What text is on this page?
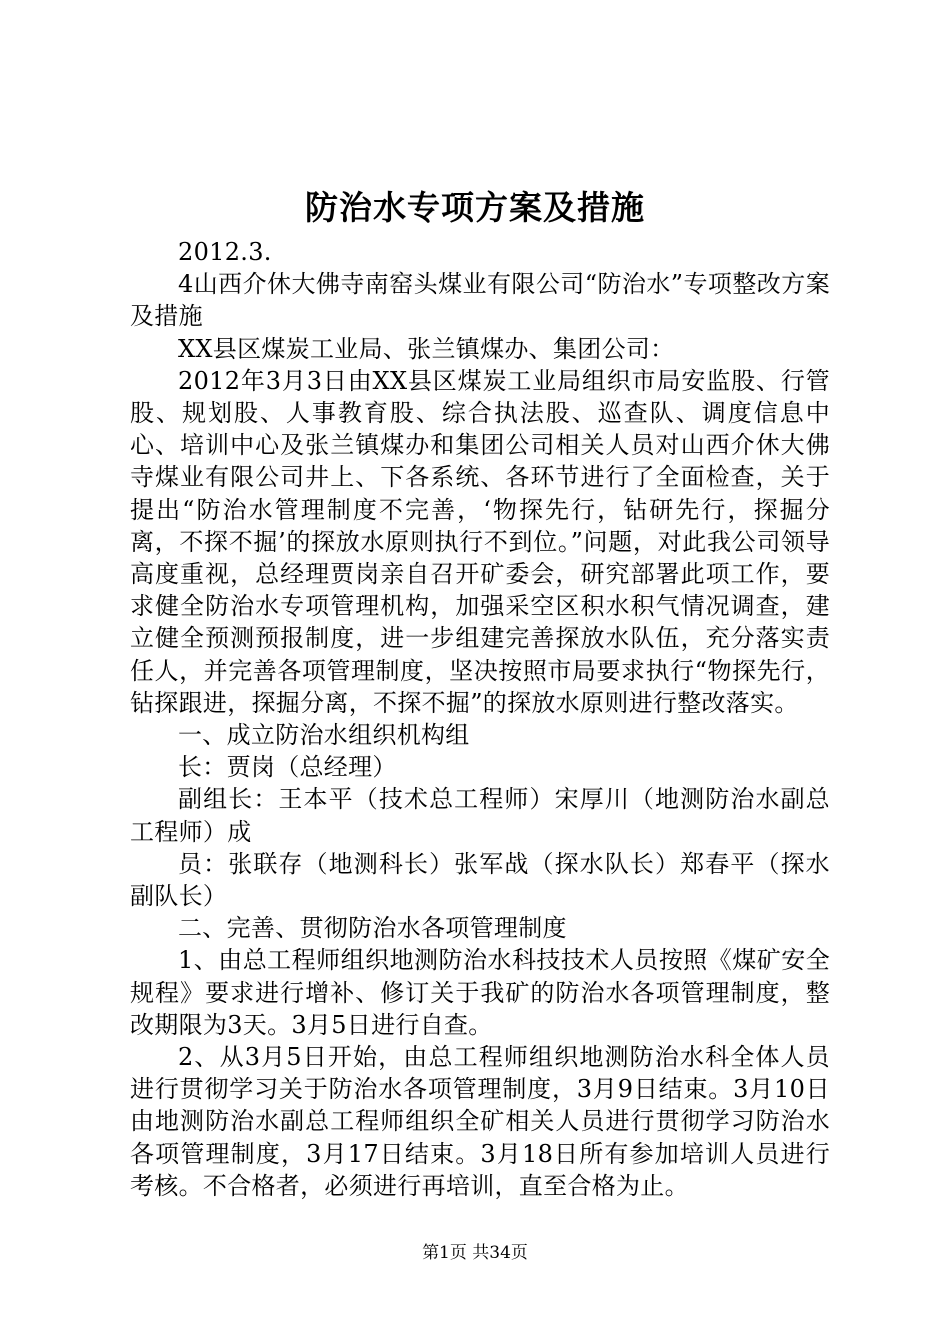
防治水专项方案及措施

2012.3.

4山西介休大佛寺南窑头煤业有限公司“防治水”专项整改方案及措施

XX县区煤炭工业局、张兰镇煤办、集团公司：

2012年3月3日由XX县区煤炭工业局组织市局安监股、行管股、规划股、人事教育股、综合执法股、巡查队、调度信息中心、培训中心及张兰镇煤办和集团公司相关人员对山西介休大佛寺煤业有限公司井上、下各系统、各环节进行了全面检查，关于提出“防治水管理制度不完善，‘物探先行，钻研先行，探掘分离，不探不掘’的探放水原则执行不到位。”问题，对此我公司领导高度重视，总经理贾岗亲自召开矿委会，研究部署此项工作，要求健全防治水专项管理机构，加强采空区积水积气情况调查，建立健全预测预报制度，进一步组建完善探放水队伍，充分落实责任人，并完善各项管理制度，坚决按照市局要求执行“物探先行，钻探跟进，探掘分离，不探不掘”的探放水原则进行整改落实。

一、成立防治水组织机构组

长：贾岗（总经理）

副组长：王本平（技术总工程师）宋厚川（地测防治水副总工程师）成

员：张联存（地测科长）张军战（探水队长）郑春平（探水副队长）

二、完善、贯彻防治水各项管理制度

1、由总工程师组织地测防治水科技技术人员按照《煤矿安全规程》要求进行增补、修订关于我矿的防治水各项管理制度，整改期限为3天。3月5日进行自查。

2、从3月5日开始，由总工程师组织地测防治水科全体人员进行贯彻学习关于防治水各项管理制度，3月9日结束。3月10日由地测防治水副总工程师组织全矿相关人员进行贯彻学习防治水各项管理制度，3月17日结束。3月18日所有参加培训人员进行考核。不合格者，必须进行再培训，直至合格为止。

第1页 共34页
